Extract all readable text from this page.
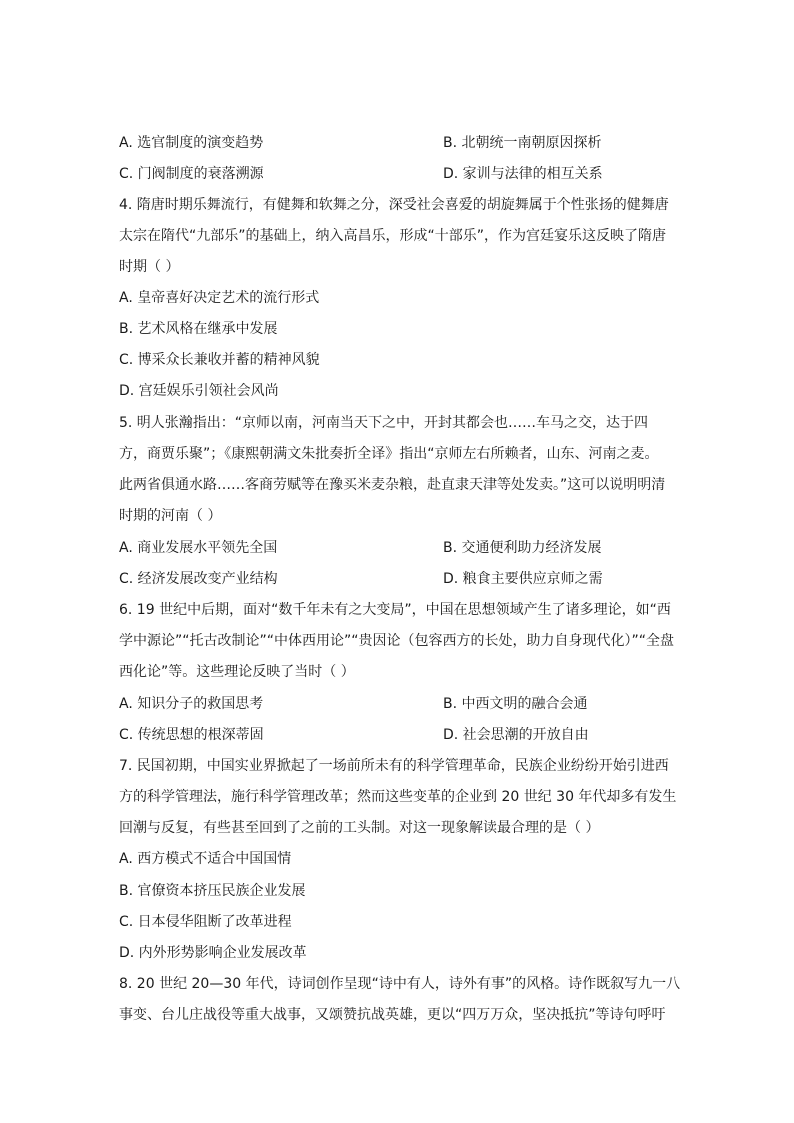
A. 选官制度的演变趋势	B. 北朝统一南朝原因探析
C. 门阀制度的衰落溯源	D. 家训与法律的相互关系
4. 隋唐时期乐舞流行，有健舞和软舞之分，深受社会喜爱的胡旋舞属于个性张扬的健舞唐
太宗在隋代“九部乐”的基础上，纳入高昌乐，形成“十部乐”，作为宫廷宴乐这反映了隋唐
时期（ ）
A. 皇帝喜好决定艺术的流行形式
B. 艺术风格在继承中发展
C. 博采众长兼收并蓄的精神风貌
D. 宫廷娱乐引领社会风尚
5. 明人张瀚指出：“京师以南，河南当天下之中，开封其都会也……车马之交，达于四
方，商贾乐聚”；《康熙朝满文朱批奏折全译》指出“京师左右所赖者，山东、河南之麦。
此两省俱通水路……客商劳赋等在豫买米麦杂粮，赴直隶天津等处发卖。”这可以说明明清
时期的河南（ ）
A. 商业发展水平领先全国	B. 交通便利助力经济发展
C. 经济发展改变产业结构	D. 粮食主要供应京师之需
6. 19 世纪中后期，面对“数千年未有之大变局”，中国在思想领域产生了诸多理论，如“西
学中源论”“托古改制论”“中体西用论”“贵因论（包容西方的长处，助力自身现代化）”“全盘
西化论”等。这些理论反映了当时（ ）
A. 知识分子的救国思考	B. 中西文明的融合会通
C. 传统思想的根深蒂固	D. 社会思潮的开放自由
7. 民国初期，中国实业界掀起了一场前所未有的科学管理革命，民族企业纷纷开始引进西
方的科学管理法，施行科学管理改革；然而这些变革的企业到 20 世纪 30 年代却多有发生
回潮与反复，有些甚至回到了之前的工头制。对这一现象解读最合理的是（ ）
A. 西方模式不适合中国国情
B. 官僚资本挤压民族企业发展
C. 日本侵华阻断了改革进程
D. 内外形势影响企业发展改革
8. 20 世纪 20—30 年代，诗词创作呈现“诗中有人，诗外有事”的风格。诗作既叙写九一八
事变、台儿庄战役等重大战事，又颂赞抗战英雄，更以“四万万众，坚决抵抗”等诗句呼吁
